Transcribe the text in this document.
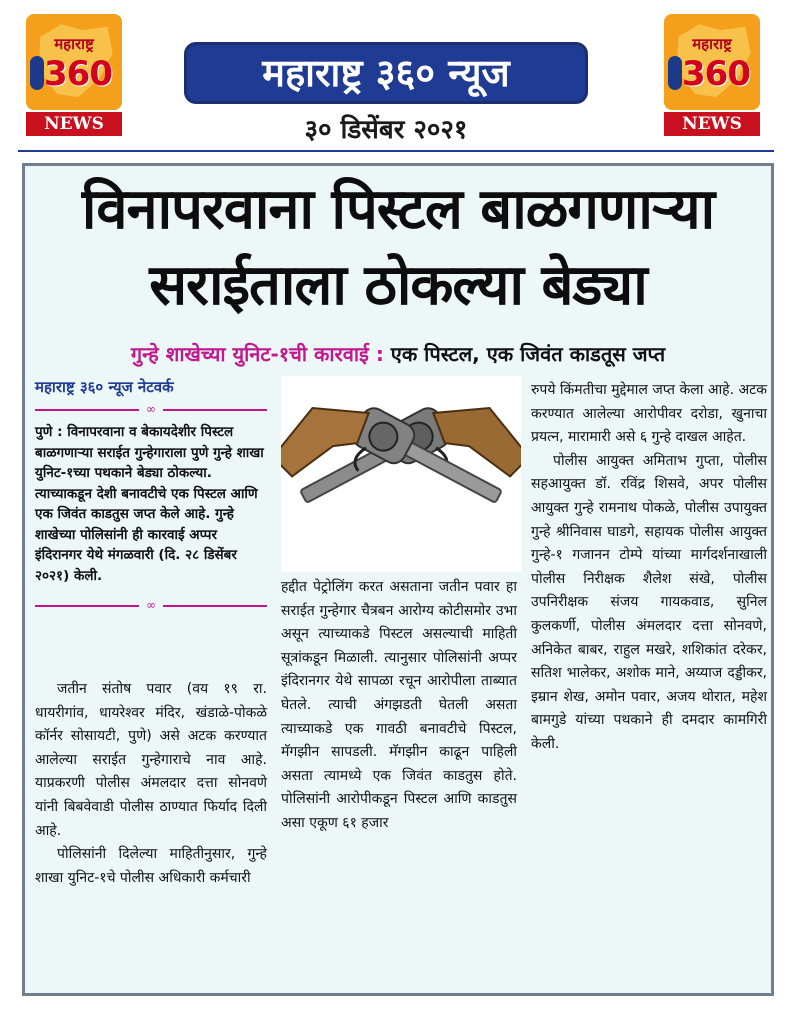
महाराष्ट्र
360
NEWS
महाराष्ट्र ३६० न्यूज
३० डिसेंबर २०२१
महाराष्ट्र
360
NEWS
विनापरवाना पिस्टल बाळगणाऱ्या
सराईताला ठोकल्या बेड्या
गुन्हे शाखेच्या युनिट-१ची कारवाई : एक पिस्टल, एक जिवंत काडतूस जप्त
महाराष्ट्र ३६० न्यूज नेटवर्क
∞

पुणे : विनापरवाना व बेकायदेशीर पिस्टल बाळगणाऱ्या सराईत गुन्हेगाराला पुणे गुन्हे शाखा युनिट-१च्या पथकाने बेड्या ठोकल्या. त्याच्याकडून देशी बनावटीचे एक पिस्टल आणि एक जिवंत काडतुस जप्त केले आहे. गुन्हे शाखेच्या पोलिसांनी ही कारवाई अप्पर इंदिरानगर येथे मंगळवारी (दि. २८ डिसेंबर २०२१) केली.

∞

जतीन संतोष पवार (वय १९ रा. धायरीगांव, धायरेश्वर मंदिर, खंडाळे-पोकळे कॉर्नर सोसायटी, पुणे) असे अटक करण्यात आलेल्या सराईत गुन्हेगाराचे नाव आहे. याप्रकरणी पोलीस अंमलदार दत्ता सोनवणे यांनी बिबवेवाडी पोलीस ठाण्यात फिर्याद दिली आहे.

पोलिसांनी दिलेल्या माहितीनुसार, गुन्हे शाखा युनिट-१चे पोलीस अधिकारी कर्मचारी

हद्दीत पेट्रोलिंग करत असताना जतीन पवार हा सराईत गुन्हेगार चैत्रबन आरोग्य कोटीसमोर उभा असून त्याच्याकडे पिस्टल असल्याची माहिती सूत्रांकडून मिळाली. त्यानुसार पोलिसांनी अप्पर इंदिरानगर येथे सापळा रचून आरोपीला ताब्यात घेतले. त्याची अंगझडती घेतली असता त्याच्याकडे एक गावठी बनावटीचे पिस्टल, मॅगझीन सापडली. मॅगझीन काढून पाहिली असता त्यामध्ये एक जिवंत काडतुस होते. पोलिसांनी आरोपीकडून पिस्टल आणि काडतुस असा एकूण ६१ हजार

रुपये किंमतीचा मुद्देमाल जप्त केला आहे. अटक करण्यात आलेल्या आरोपीवर दरोडा, खुनाचा प्रयत्न, मारामारी असे ६ गुन्हे दाखल आहेत.

पोलीस आयुक्त अमिताभ गुप्ता, पोलीस सहआयुक्त डॉ. रविंद्र शिसवे, अपर पोलीस आयुक्त गुन्हे रामनाथ पोकळे, पोलीस उपायुक्त गुन्हे श्रीनिवास घाडगे, सहायक पोलीस आयुक्त गुन्हे-१ गजानन टोम्पे यांच्या मार्गदर्शनाखाली पोलीस निरीक्षक शैलेश संखे, पोलीस उपनिरीक्षक संजय गायकवाड, सुनिल कुलकर्णी, पोलीस अंमलदार दत्ता सोनवणे, अनिकेत बाबर, राहुल मखरे, शशिकांत दरेकर, सतिश भालेकर, अशोक माने, अय्याज दड्डीकर, इम्रान शेख, अमोन पवार, अजय थोरात, महेश बामगुडे यांच्या पथकाने ही दमदार कामगिरी केली.
